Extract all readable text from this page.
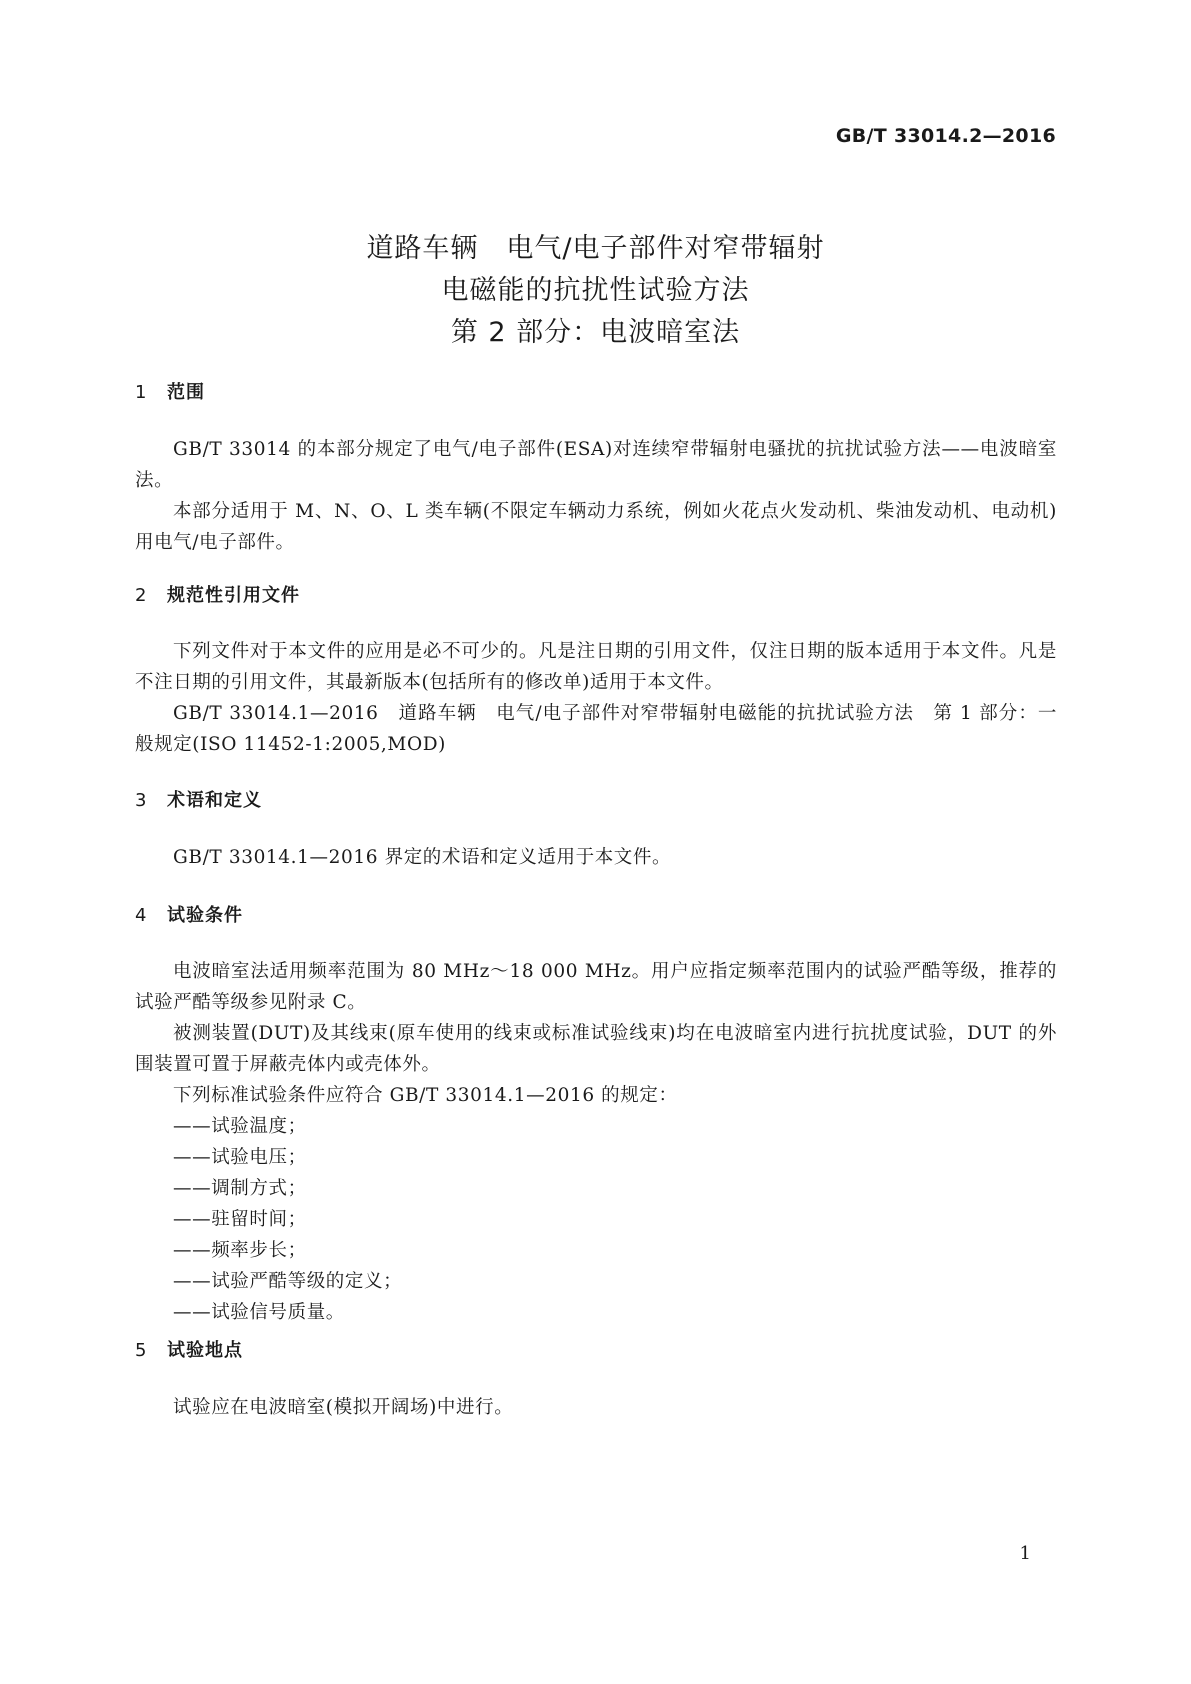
GB/T 33014.2—2016
道路车辆　电气/电子部件对窄带辐射
电磁能的抗扰性试验方法
第 2 部分：电波暗室法
1 范围

GB/T 33014 的本部分规定了电气/电子部件(ESA)对连续窄带辐射电骚扰的抗扰试验方法——电波暗室法。

本部分适用于 M、N、O、L 类车辆(不限定车辆动力系统，例如火花点火发动机、柴油发动机、电动机)用电气/电子部件。

2 规范性引用文件

下列文件对于本文件的应用是必不可少的。凡是注日期的引用文件，仅注日期的版本适用于本文件。凡是不注日期的引用文件，其最新版本(包括所有的修改单)适用于本文件。

GB/T 33014.1—2016　道路车辆　电气/电子部件对窄带辐射电磁能的抗扰试验方法　第 1 部分：一般规定(ISO 11452-1:2005,MOD)

3 术语和定义

GB/T 33014.1—2016 界定的术语和定义适用于本文件。

4 试验条件

电波暗室法适用频率范围为 80 MHz～18 000 MHz。用户应指定频率范围内的试验严酷等级，推荐的试验严酷等级参见附录 C。

被测装置(DUT)及其线束(原车使用的线束或标准试验线束)均在电波暗室内进行抗扰度试验，DUT 的外围装置可置于屏蔽壳体内或壳体外。

下列标准试验条件应符合 GB/T 33014.1—2016 的规定：

——试验温度；

——试验电压；

——调制方式；

——驻留时间；

——频率步长；

——试验严酷等级的定义；

——试验信号质量。

5 试验地点

试验应在电波暗室(模拟开阔场)中进行。

1
